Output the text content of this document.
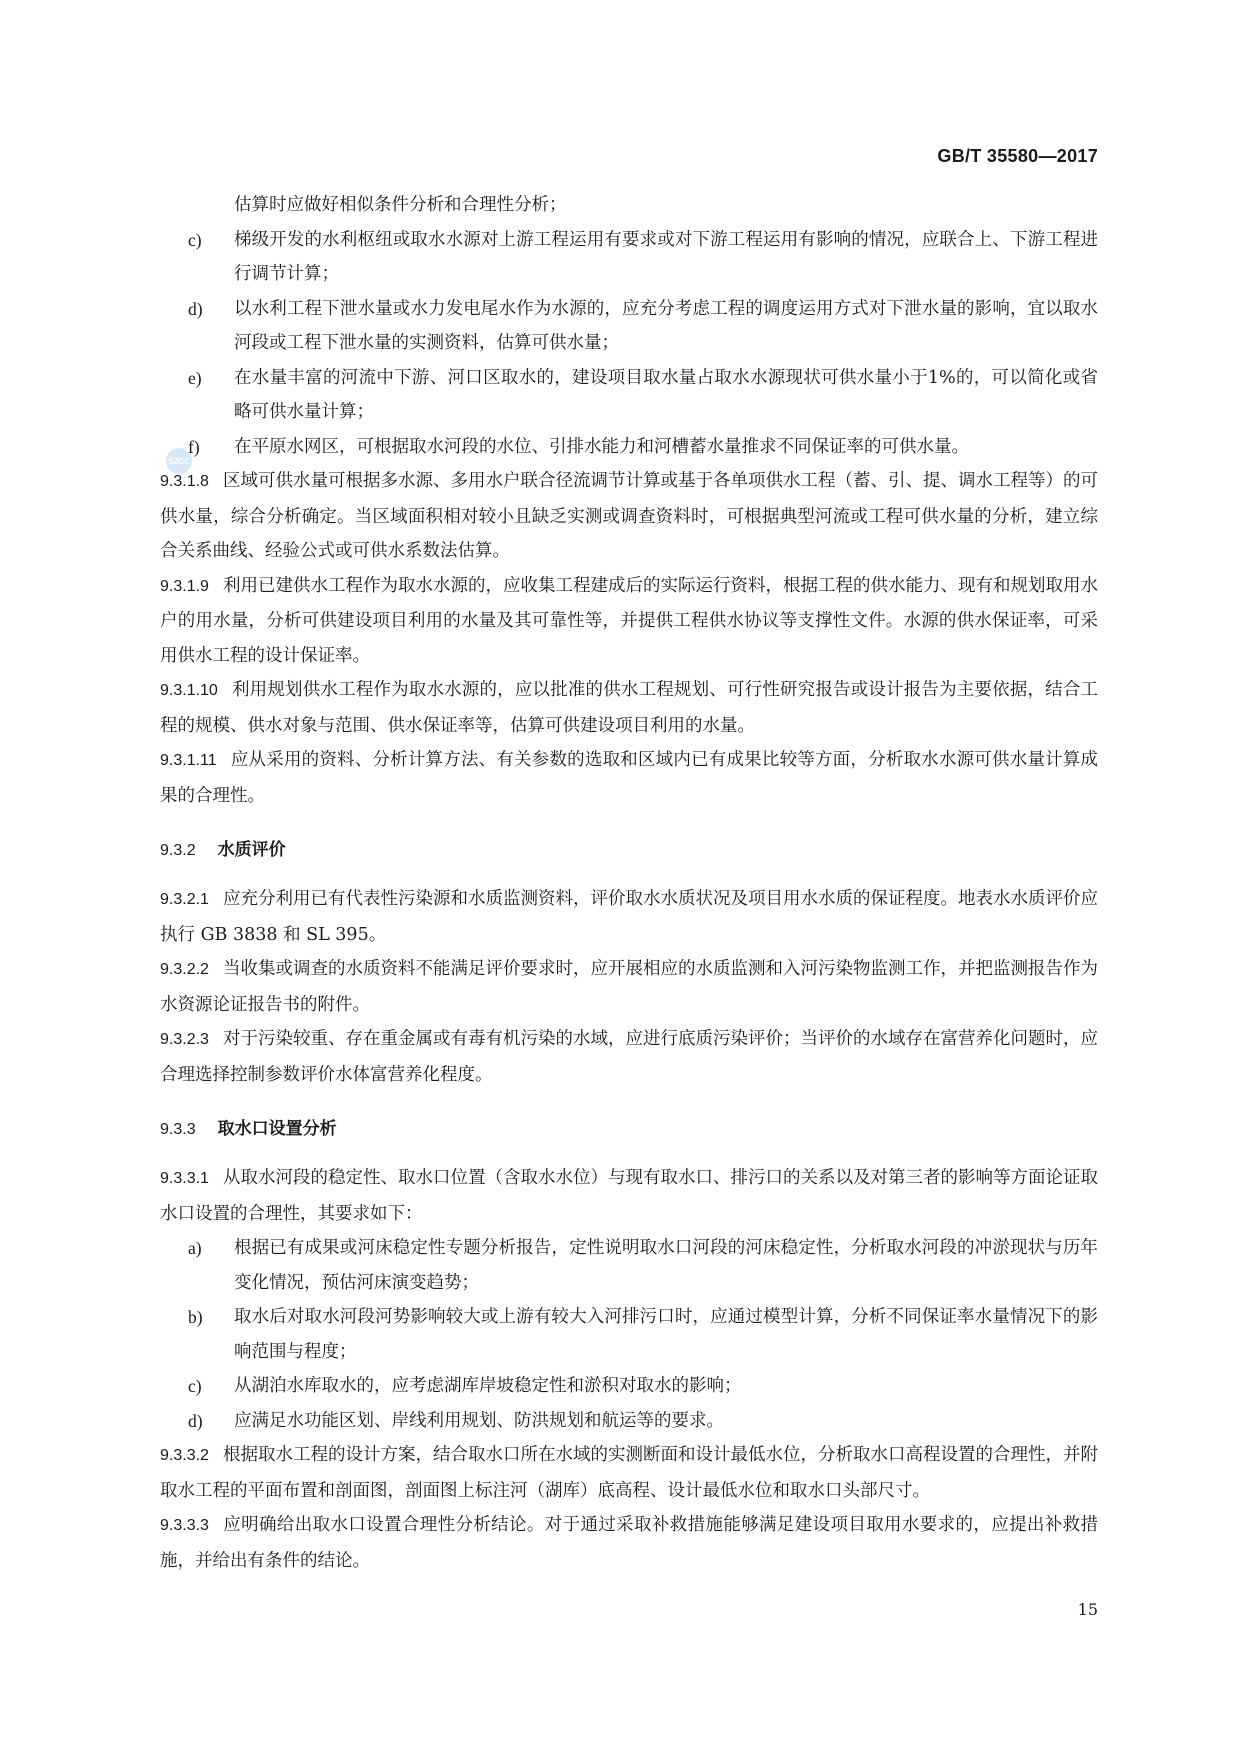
GB/T 35580—2017
SZCC

估算时应做好相似条件分析和合理性分析；

c) 梯级开发的水利枢纽或取水水源对上游工程运用有要求或对下游工程运用有影响的情况，应联合上、下游工程进行调节计算；

d) 以水利工程下泄水量或水力发电尾水作为水源的，应充分考虑工程的调度运用方式对下泄水量的影响，宜以取水河段或工程下泄水量的实测资料，估算可供水量；

e) 在水量丰富的河流中下游、河口区取水的，建设项目取水量占取水水源现状可供水量小于1%的，可以简化或省略可供水量计算；

f) 在平原水网区，可根据取水河段的水位、引排水能力和河槽蓄水量推求不同保证率的可供水量。

9.3.1.8 区域可供水量可根据多水源、多用水户联合径流调节计算或基于各单项供水工程（蓄、引、提、调水工程等）的可供水量，综合分析确定。当区域面积相对较小且缺乏实测或调查资料时，可根据典型河流或工程可供水量的分析，建立综合关系曲线、经验公式或可供水系数法估算。

9.3.1.9 利用已建供水工程作为取水水源的，应收集工程建成后的实际运行资料，根据工程的供水能力、现有和规划取用水户的用水量，分析可供建设项目利用的水量及其可靠性等，并提供工程供水协议等支撑性文件。水源的供水保证率，可采用供水工程的设计保证率。

9.3.1.10 利用规划供水工程作为取水水源的，应以批准的供水工程规划、可行性研究报告或设计报告为主要依据，结合工程的规模、供水对象与范围、供水保证率等，估算可供建设项目利用的水量。

9.3.1.11 应从采用的资料、分析计算方法、有关参数的选取和区域内已有成果比较等方面，分析取水水源可供水量计算成果的合理性。

9.3.2 水质评价

9.3.2.1 应充分利用已有代表性污染源和水质监测资料，评价取水水质状况及项目用水水质的保证程度。地表水水质评价应执行 GB 3838 和 SL 395。

9.3.2.2 当收集或调查的水质资料不能满足评价要求时，应开展相应的水质监测和入河污染物监测工作，并把监测报告作为水资源论证报告书的附件。

9.3.2.3 对于污染较重、存在重金属或有毒有机污染的水域，应进行底质污染评价；当评价的水域存在富营养化问题时，应合理选择控制参数评价水体富营养化程度。

9.3.3 取水口设置分析

9.3.3.1 从取水河段的稳定性、取水口位置（含取水水位）与现有取水口、排污口的关系以及对第三者的影响等方面论证取水口设置的合理性，其要求如下：

a) 根据已有成果或河床稳定性专题分析报告，定性说明取水口河段的河床稳定性，分析取水河段的冲淤现状与历年变化情况，预估河床演变趋势；

b) 取水后对取水河段河势影响较大或上游有较大入河排污口时，应通过模型计算，分析不同保证率水量情况下的影响范围与程度；

c) 从湖泊水库取水的，应考虑湖库岸坡稳定性和淤积对取水的影响；

d) 应满足水功能区划、岸线利用规划、防洪规划和航运等的要求。

9.3.3.2 根据取水工程的设计方案，结合取水口所在水域的实测断面和设计最低水位，分析取水口高程设置的合理性，并附取水工程的平面布置和剖面图，剖面图上标注河（湖库）底高程、设计最低水位和取水口头部尺寸。

9.3.3.3 应明确给出取水口设置合理性分析结论。对于通过采取补救措施能够满足建设项目取用水要求的，应提出补救措施，并给出有条件的结论。

15
